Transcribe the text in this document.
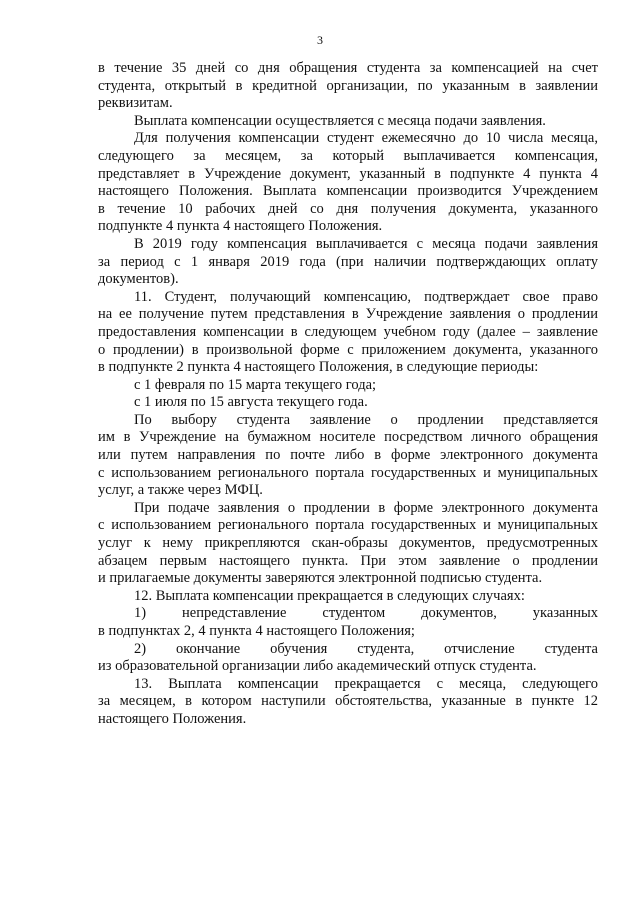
3
в течение 35 дней со дня обращения студента за компенсацией на счет
студента, открытый в кредитной организации, по указанным в заявлении
реквизитам.
Выплата компенсации осуществляется с месяца подачи заявления.
Для получения компенсации студент ежемесячно до 10 числа месяца,
следующего за месяцем, за который выплачивается компенсация,
представляет в Учреждение документ, указанный в подпункте 4 пункта 4
настоящего Положения. Выплата компенсации производится Учреждением
в течение 10 рабочих дней со дня получения документа, указанного
подпункте 4 пункта 4 настоящего Положения.
В 2019 году компенсация выплачивается с месяца подачи заявления
за период с 1 января 2019 года (при наличии подтверждающих оплату
документов).
11. Студент, получающий компенсацию, подтверждает свое право
на ее получение путем представления в Учреждение заявления о продлении
предоставления компенсации в следующем учебном году (далее – заявление
о продлении) в произвольной форме с приложением документа, указанного
в подпункте 2 пункта 4 настоящего Положения, в следующие периоды:
с 1 февраля по 15 марта текущего года;
с 1 июля по 15 августа текущего года.
По выбору студента заявление о продлении представляется
им в Учреждение на бумажном носителе посредством личного обращения
или путем направления по почте либо в форме электронного документа
с использованием регионального портала государственных и муниципальных
услуг, а также через МФЦ.
При подаче заявления о продлении в форме электронного документа
с использованием регионального портала государственных и муниципальных
услуг к нему прикрепляются скан-образы документов, предусмотренных
абзацем первым настоящего пункта. При этом заявление о продлении
и прилагаемые документы заверяются электронной подписью студента.
12. Выплата компенсации прекращается в следующих случаях:
1) непредставление студентом документов, указанных
в подпунктах 2, 4 пункта 4 настоящего Положения;
2) окончание обучения студента, отчисление студента
из образовательной организации либо академический отпуск студента.
13. Выплата компенсации прекращается с месяца, следующего
за месяцем, в котором наступили обстоятельства, указанные в пункте 12
настоящего Положения.
